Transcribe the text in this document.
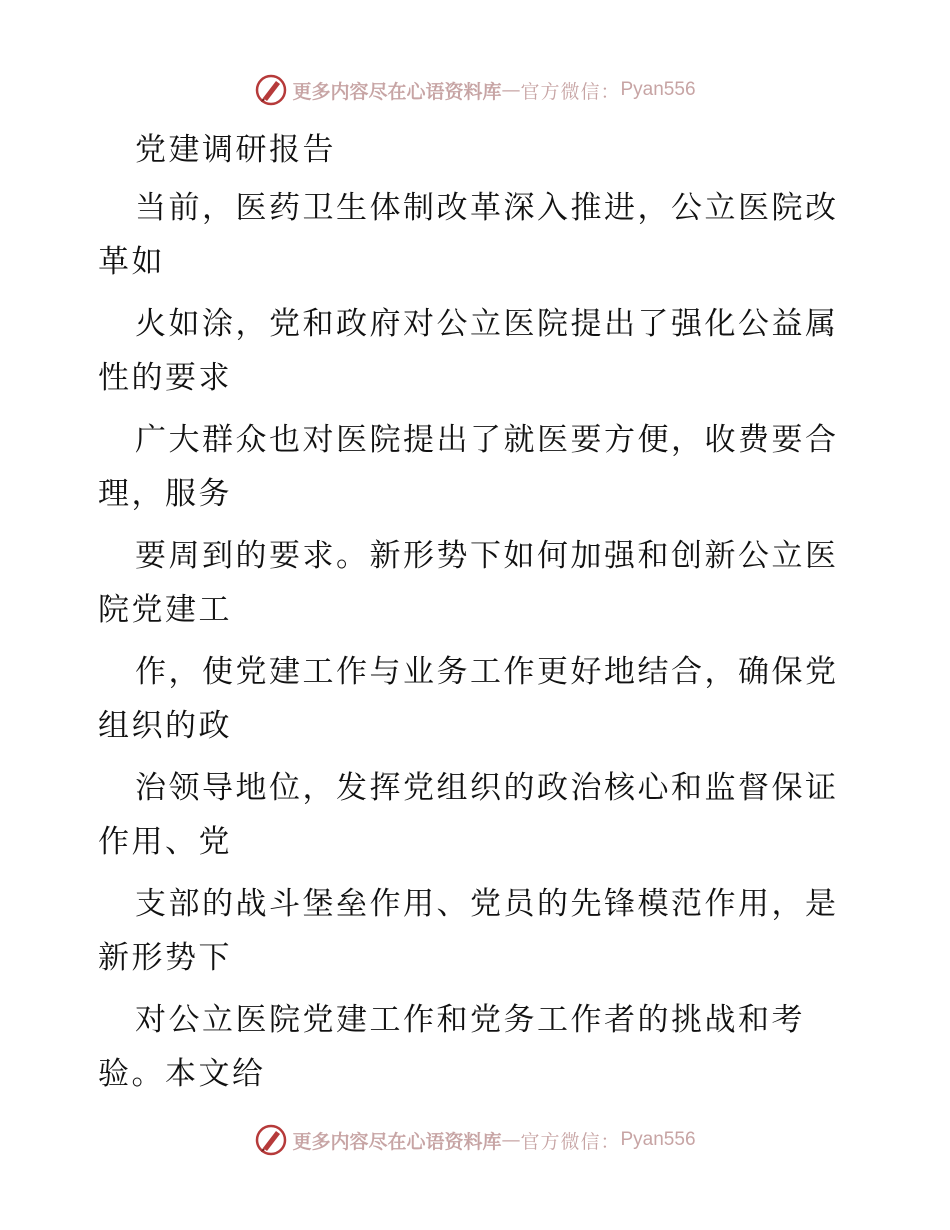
更多内容尽在心语资料库 — 官方微信： Pyan556
党建调研报告
当前，医药卫生体制改革深入推进，公立医院改
革如
火如涂，党和政府对公立医院提出了强化公益属
性的要求
广大群众也对医院提出了就医要方便，收费要合
理，服务
要周到的要求。新形势下如何加强和创新公立医
院党建工
作，使党建工作与业务工作更好地结合，确保党
组织的政
治领导地位，发挥党组织的政治核心和监督保证
作用、党
支部的战斗堡垒作用、党员的先锋模范作用，是
新形势下
对公立医院党建工作和党务工作者的挑战和考
验。本文给
更多内容尽在心语资料库 — 官方微信： Pyan556
